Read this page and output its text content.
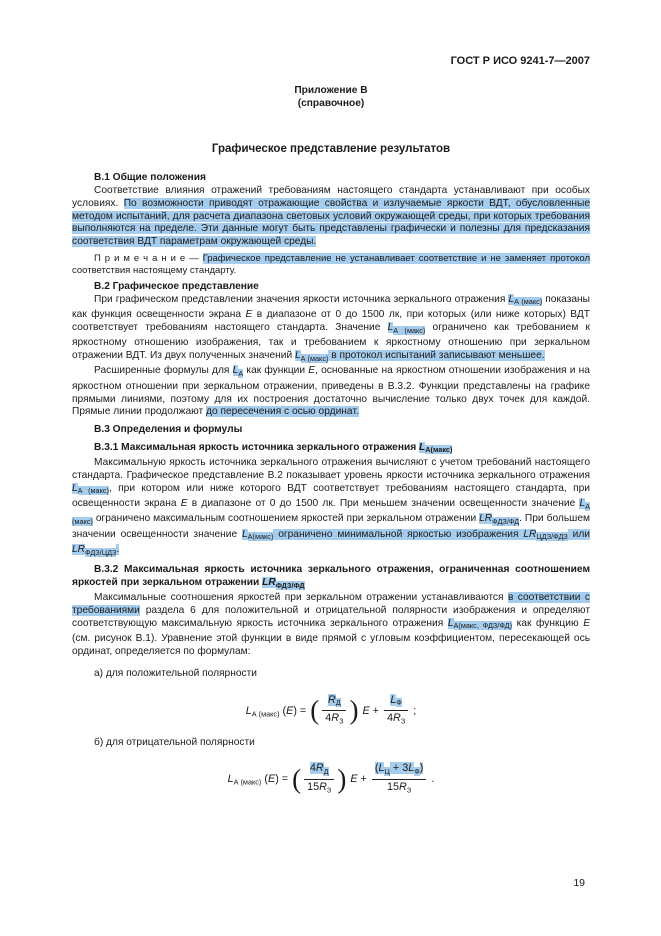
ГОСТ Р ИСО 9241-7—2007
Приложение В
(справочное)
Графическое представление результатов
В.1 Общие положения
Соответствие влияния отражений требованиям настоящего стандарта устанавливают при особых условиях. По возможности приводят отражающие свойства и излучаемые яркости ВДТ, обусловленные методом испытаний, для расчета диапазона световых условий окружающей среды, при которых требования выполняются на пределе. Эти данные могут быть представлены графически и полезны для предсказания соответствия ВДТ параметрам окружающей среды.
П р и м е ч а н и е — Графическое представление не устанавливает соответствие и не заменяет протокол соответствия настоящему стандарту.
В.2 Графическое представление
При графическом представлении значения яркости источника зеркального отражения $L_{А (макс)}$ показаны как функция освещенности экрана E в диапазоне от 0 до 1500 лк, при которых (или ниже которых) ВДТ соответствует требованиям настоящего стандарта. Значение $L_{А (макс)}$ ограничено как требованием к яркостному отношению изображения, так и требованием к яркостному отношению при зеркальном отражении ВДТ. Из двух полученных значений $L_{А (макс)}$ в протокол испытаний записывают меньшее.
Расширенные формулы для $L_А$ как функции E, основанные на яркостном отношении изображения и на яркостном отношении при зеркальном отражении, приведены в В.3.2. Функции представлены на графике прямыми линиями, поэтому для их построения достаточно вычисление только двух точек для каждой. Прямые линии продолжают до пересечения с осью ординат.
В.3 Определения и формулы
В.3.1 Максимальная яркость источника зеркального отражения $L_{А(макс)}$
Максимальную яркость источника зеркального отражения вычисляют с учетом требований настоящего стандарта. Графическое представление В.2 показывает уровень яркости источника зеркального отражения $L_{А (макс)}$, при котором или ниже которого ВДТ соответствует требованиям настоящего стандарта, при освещенности экрана E в диапазоне от 0 до 1500 лк. При меньшем значении освещенности значение $L_{А (макс)}$ ограничено максимальным соотношением яркостей при зеркальном отражении $LR_{ФДЗ/ФД}$. При большем значении освещенности значение $L_{А(макс)}$ ограничено минимальной яркостью изображения $LR_{ЦДЗ/ФДЗ}$ или $LR_{ФДЗ/ЦДЗ}$.
В.3.2 Максимальная яркость источника зеркального отражения, ограниченная соотношением яркостей при зеркальном отражении $LR_{ФДЗ/ФД}$
Максимальные соотношения яркостей при зеркальном отражении устанавливаются в соответствии с требованиями раздела 6 для положительной и отрицательной полярности изображения и определяют соответствующую максимальную яркость источника зеркального отражения $L_{А(макс, ФДЗ/ФД)}$ как функцию E (см. рисунок В.1). Уравнение этой функции в виде прямой с угловым коэффициентом, пересекающей ось ординат, определяется по формулам:
а) для положительной полярности
$L_{А (макс)}$ (E) = ( $\frac{R_Д}{4R_З}$ ) $E + \frac{L_Ф}{4R_З}$ ;
б) для отрицательной полярности
$L_{А (макс)}$ (E) = ( $\frac{4R_Д}{15R_З}$ ) $E + \frac{(L_Ц + 3L_Ф)}{15R_З}$ .
19
